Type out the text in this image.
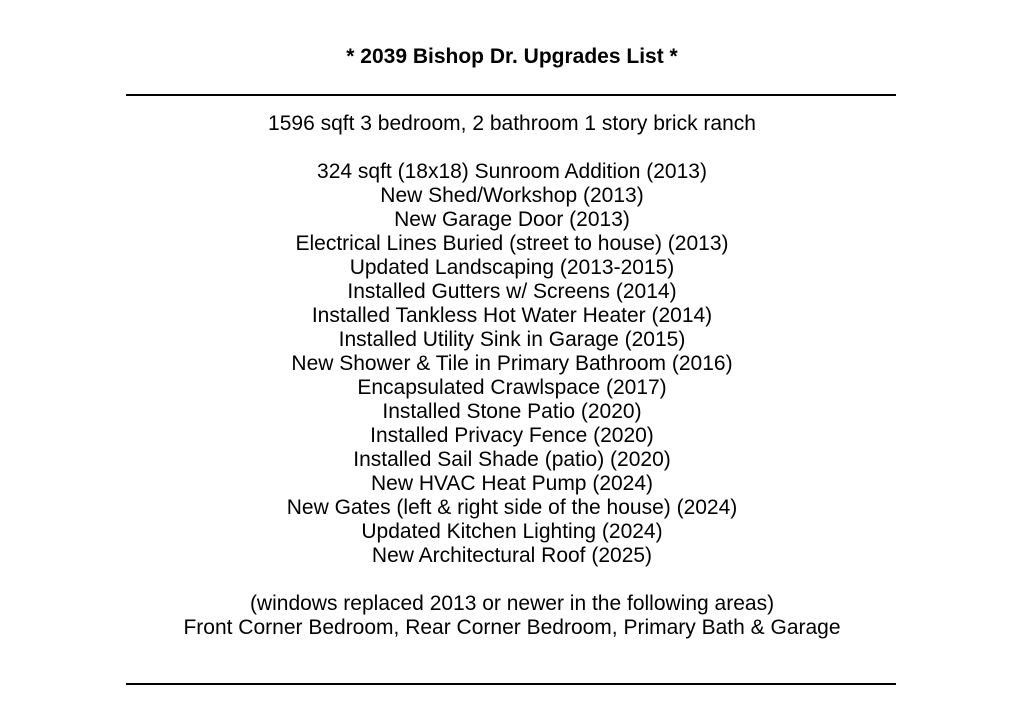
* 2039 Bishop Dr. Upgrades List *
1596 sqft 3 bedroom, 2 bathroom 1 story brick ranch
324 sqft (18x18) Sunroom Addition (2013)
New Shed/Workshop (2013)
New Garage Door (2013)
Electrical Lines Buried (street to house) (2013)
Updated Landscaping (2013-2015)
Installed Gutters w/ Screens (2014)
Installed Tankless Hot Water Heater (2014)
Installed Utility Sink in Garage (2015)
New Shower & Tile in Primary Bathroom (2016)
Encapsulated Crawlspace (2017)
Installed Stone Patio (2020)
Installed Privacy Fence (2020)
Installed Sail Shade (patio) (2020)
New HVAC Heat Pump (2024)
New Gates (left & right side of the house) (2024)
Updated Kitchen Lighting (2024)
New Architectural Roof (2025)
(windows replaced 2013 or newer in the following areas)
Front Corner Bedroom, Rear Corner Bedroom, Primary Bath & Garage
